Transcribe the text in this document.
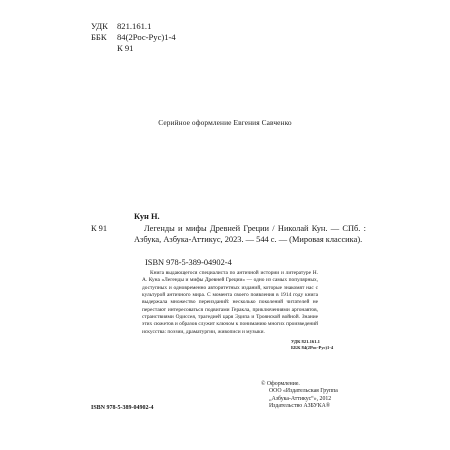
УДК 821.161.1
ББК 84(2Рос-Рус)1-4
К 91
Серийное оформление Евгения Савченко
Кун Н.
К 91	Легенды и мифы Древней Греции / Николай Кун. — СПб. : Азбука, Азбука-Аттикус, 2023. — 544 с. — (Мировая классика).
ISBN 978-5-389-04902-4
Книга выдающегося специалиста по античной истории и литературе Н. А. Куна «Легенды и мифы Древней Греции» — одно из самых популярных, доступных и одновременно авторитетных изданий, которые знакомят нас с культурой античного мира. С момента своего появления в 1914 году книга выдержала множество переизданий: несколько поколений читателей не перестают интересоваться подвигами Геракла, приключениями аргонавтов, странствиями Одиссея, трагедией царя Эдипа и Троянской войной. Знание этих сюжетов и образов служит ключом к пониманию многих произведений искусства: поэзии, драматургии, живописи и музыки.
УДК 821.161.1
ББК 84(2Рос-Рус)1-4
ISBN 978-5-389-04902-4
© Оформление.
ООО «Издательская Группа
„Азбука-Аттикус“», 2012
Издательство АЗБУКА®
